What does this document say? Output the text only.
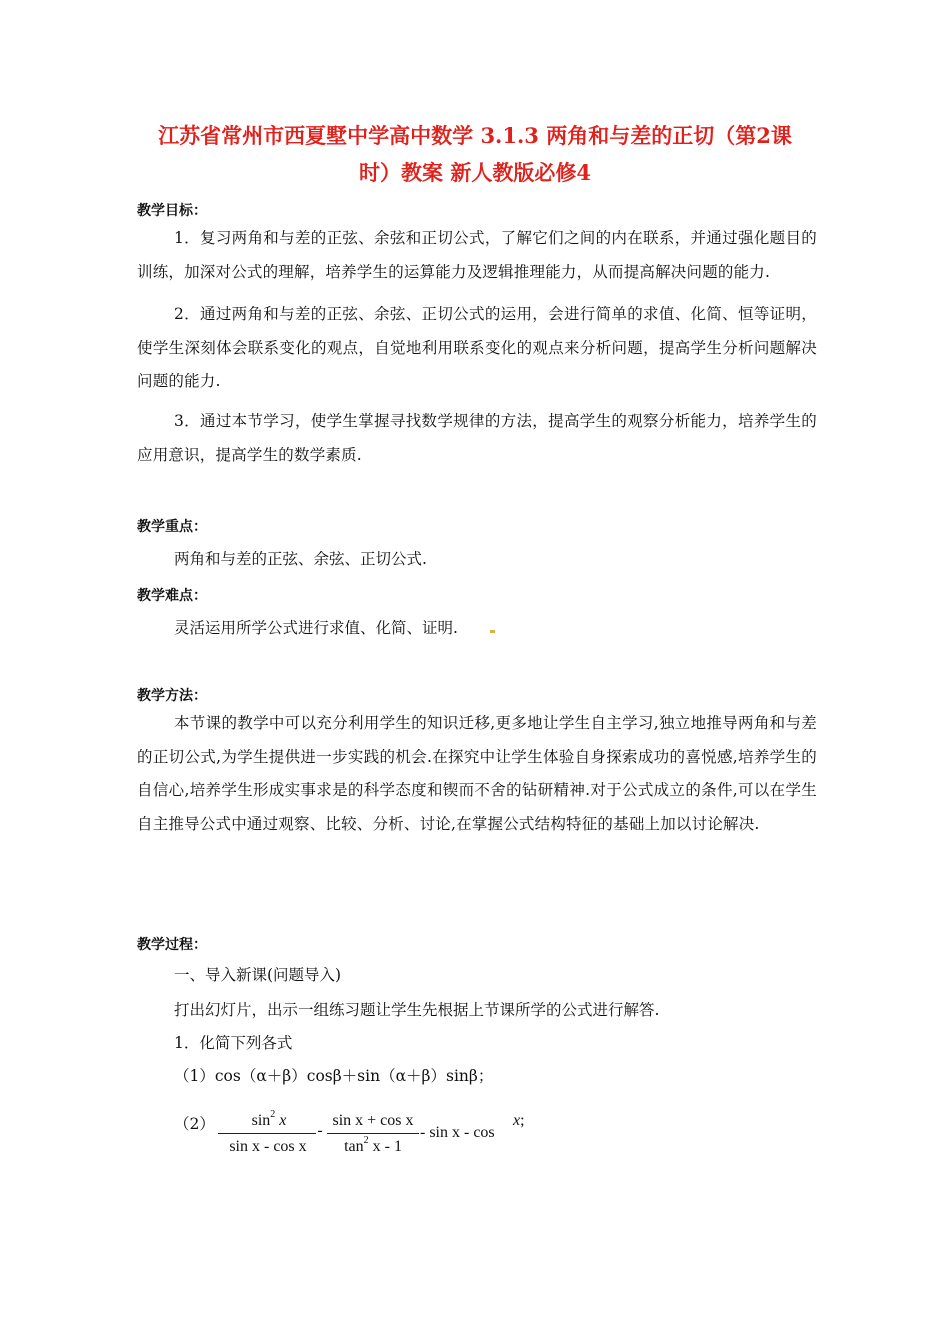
江苏省常州市西夏墅中学高中数学 3.1.3 两角和与差的正切（第2课
时）教案 新人教版必修4
教学目标：
1．复习两角和与差的正弦、余弦和正切公式，了解它们之间的内在联系，并通过强化题目的训练，加深对公式的理解，培养学生的运算能力及逻辑推理能力，从而提高解决问题的能力.
2．通过两角和与差的正弦、余弦、正切公式的运用，会进行简单的求值、化简、恒等证明，使学生深刻体会联系变化的观点，自觉地利用联系变化的观点来分析问题，提高学生分析问题解决问题的能力.
3．通过本节学习，使学生掌握寻找数学规律的方法，提高学生的观察分析能力，培养学生的应用意识，提高学生的数学素质.
教学重点：
两角和与差的正弦、余弦、正切公式.
教学难点：
灵活运用所学公式进行求值、化简、证明.
教学方法：
本节课的教学中可以充分利用学生的知识迁移,更多地让学生自主学习,独立地推导两角和与差的正切公式,为学生提供进一步实践的机会.在探究中让学生体验自身探索成功的喜悦感,培养学生的自信心,培养学生形成实事求是的科学态度和锲而不舍的钻研精神.对于公式成立的条件,可以在学生自主推导公式中通过观察、比较、分析、讨论,在掌握公式结构特征的基础上加以讨论解决.
教学过程：
一、导入新课(问题导入)
打出幻灯片，出示一组练习题让学生先根据上节课所学的公式进行解答.
1．化简下列各式
（1）cos（α＋β）cosβ＋sin（α＋β）sinβ；
（2）	$\sin^2 x$
sin x - cos x
-
sin x + cos x
$\tan^2 x - 1$
- sin x - cos
x;
